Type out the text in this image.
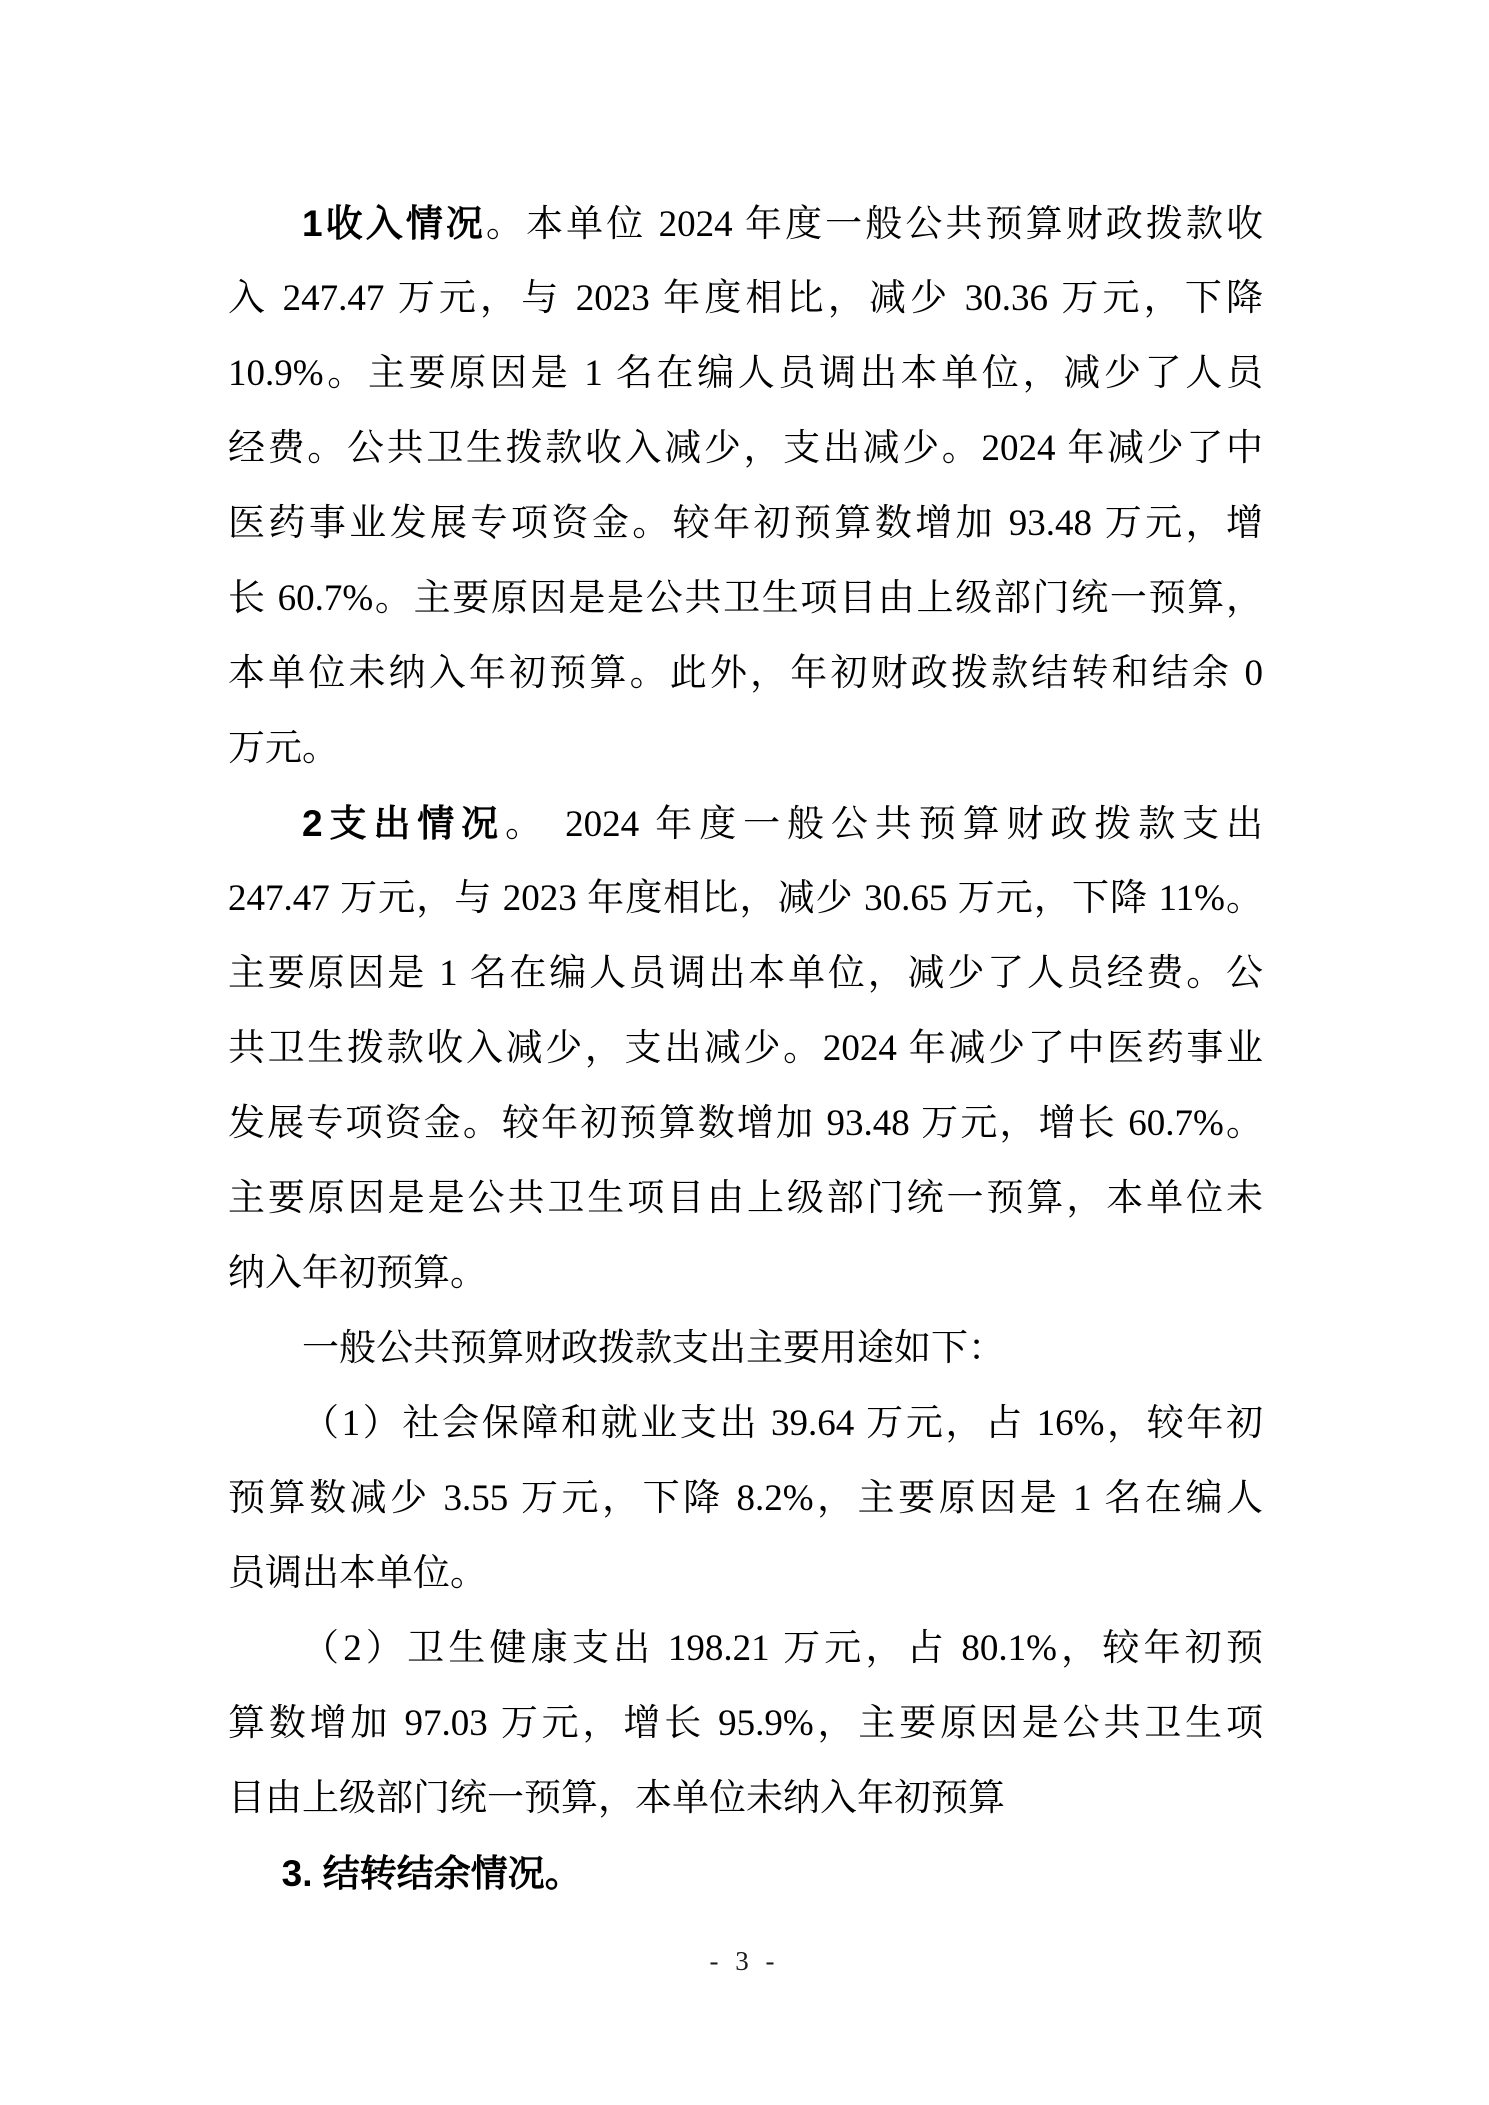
1收入情况。本单位 2024 年度一般公共预算财政拨款收
入 247.47 万元，与 2023 年度相比，减少 30.36 万元，下降
10.9%。主要原因是 1 名在编人员调出本单位，减少了人员
经费。公共卫生拨款收入减少，支出减少。2024 年减少了中
医药事业发展专项资金。较年初预算数增加 93.48 万元，增
长 60.7%。主要原因是是公共卫生项目由上级部门统一预算，
本单位未纳入年初预算。此外，年初财政拨款结转和结余 0
万元。
2支出情况。 2024 年度一般公共预算财政拨款支出
247.47 万元，与 2023 年度相比，减少 30.65 万元，下降 11%。
主要原因是 1 名在编人员调出本单位，减少了人员经费。公
共卫生拨款收入减少，支出减少。2024 年减少了中医药事业
发展专项资金。较年初预算数增加 93.48 万元，增长 60.7%。
主要原因是是公共卫生项目由上级部门统一预算，本单位未
纳入年初预算。
一般公共预算财政拨款支出主要用途如下：
（1）社会保障和就业支出 39.64 万元，占 16%，较年初
预算数减少 3.55 万元，下降 8.2%，主要原因是 1 名在编人
员调出本单位。
（2）卫生健康支出 198.21 万元，占 80.1%，较年初预
算数增加 97.03 万元，增长 95.9%，主要原因是公共卫生项
目由上级部门统一预算，本单位未纳入年初预算
3. 结转结余情况。
- 3 -
